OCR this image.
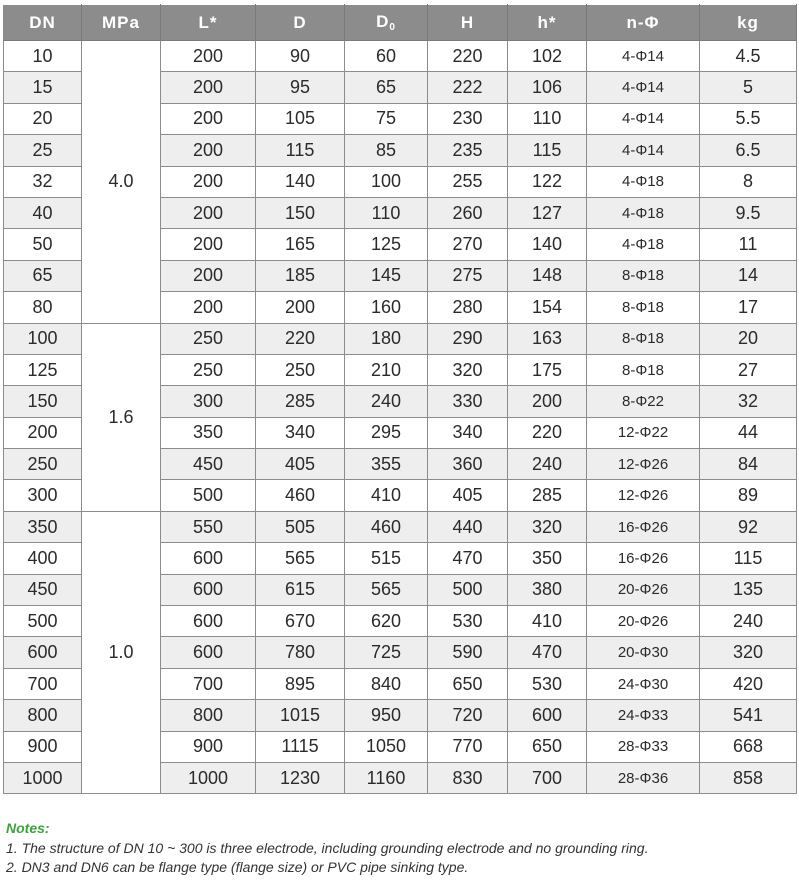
DN	MPa	L*	D	$D_0$	H	h*	n-Φ	kg
10	4.0	200	90	60	220	102	4-Φ14	4.5
15		200	95	65	222	106	4-Φ14	5
20		200	105	75	230	110	4-Φ14	5.5
25		200	115	85	235	115	4-Φ14	6.5
32		200	140	100	255	122	4-Φ18	8
40		200	150	110	260	127	4-Φ18	9.5
50		200	165	125	270	140	4-Φ18	11
65		200	185	145	275	148	8-Φ18	14
80		200	200	160	280	154	8-Φ18	17
100	1.6	250	220	180	290	163	8-Φ18	20
125		250	250	210	320	175	8-Φ18	27
150		300	285	240	330	200	8-Φ22	32
200		350	340	295	340	220	12-Φ22	44
250		450	405	355	360	240	12-Φ26	84
300		500	460	410	405	285	12-Φ26	89
350	1.0	550	505	460	440	320	16-Φ26	92
400		600	565	515	470	350	16-Φ26	115
450		600	615	565	500	380	20-Φ26	135
500		600	670	620	530	410	20-Φ26	240
600		600	780	725	590	470	20-Φ30	320
700		700	895	840	650	530	24-Φ30	420
800		800	1015	950	720	600	24-Φ33	541
900		900	1115	1050	770	650	28-Φ33	668
1000		1000	1230	1160	830	700	28-Φ36	858
Notes:
1. The structure of DN 10 ~ 300 is three electrode, including grounding electrode and no grounding ring.
2. DN3 and DN6 can be flange type (flange size) or PVC pipe sinking type.
